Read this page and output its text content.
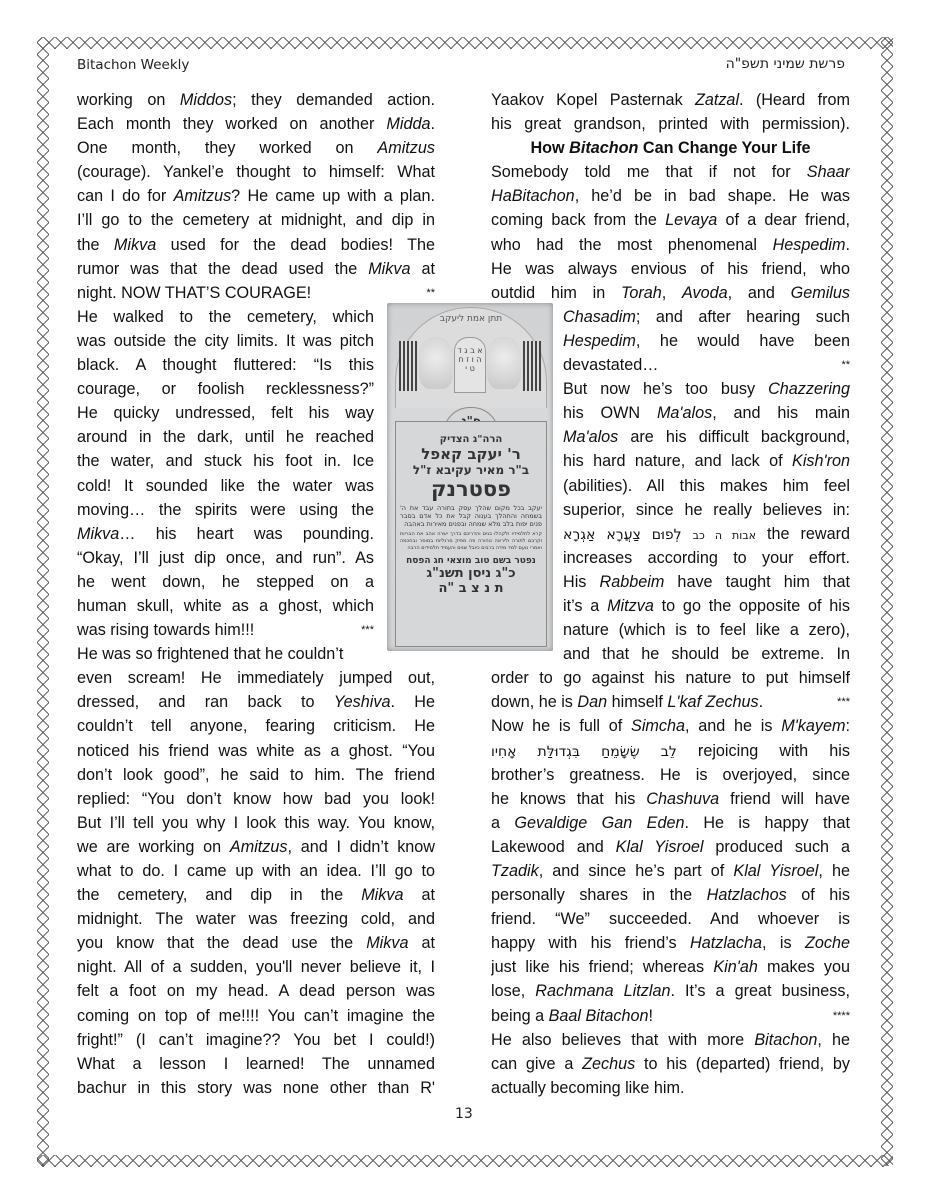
Bitachon Weekly	פרשת שמיני תשפ"ה
working on Middos; they demanded action.
Each month they worked on another Midda.
One month, they worked on Amitzus
(courage). Yankel’e thought to himself: What
can I do for Amitzus? He came up with a plan.
I’ll go to the cemetery at midnight, and dip in
the Mikva used for the dead bodies! The
rumor was that the dead used the Mikva at
night. NOW THAT’S COURAGE!	**
He walked to the cemetery, which
was outside the city limits. It was pitch
black. A thought fluttered: “Is this
courage, or foolish recklessness?”
He quicky undressed, felt his way
around in the dark, until he reached
the water, and stuck his foot in. Ice
cold! It sounded like the water was
moving… the spirits were using the
Mikva… his heart was pounding.
“Okay, I’ll just dip once, and run”. As
he went down, he stepped on a
human skull, white as a ghost, which
was rising towards him!!!	***
He was so frightened that he couldn’t
even scream! He immediately jumped out,
dressed, and ran back to Yeshiva. He
couldn’t tell anyone, fearing criticism. He
noticed his friend was white as a ghost. “You
don’t look good”, he said to him. The friend
replied: “You don’t know how bad you look!
But I’ll tell you why I look this way. You know,
we are working on Amitzus, and I didn’t know
what to do. I came up with an idea. I’ll go to
the cemetery, and dip in the Mikva at
midnight. The water was freezing cold, and
you know that the dead use the Mikva at
night. All of a sudden, you'll never believe it, I
felt a foot on my head. A dead person was
coming on top of me!!!! You can’t imagine the
fright!” (I can’t imagine?? You bet I could!)
What a lesson I learned! The unnamed
bachur in this story was none other than R'
תתן אמת ליעקב
א ב ג ד ה ו ז ח ט י
הרה"ג הצדיק
ר' יעקב קאפל
ב"ר מאיר עקיבא ז"ל
פסטרנק
יעקב בכל מקום שהלך עסק בתורה עבד את ה' בשמחה והתהלך בענוה קבל את כל אדם בסבר פנים יפות בלב מלא שמחה ובפנים מאירות באהבה
קרא לתלמידיו ולקהלו בנים והדריכם בדרך ישרה אהב את הבריות וקרבם לתורה וליראה טהורה פה מפיק מרגליות במוסר ובחכמה ואמרי נועם למד מידה ברבים כיובל שנים והעמיד תלמידים הרבה
נפטר בשם טוב מוצאי חג הפסח
כ"ג ניסן תשנ"ג
ת נ צ ב "ה
Yaakov Kopel Pasternak Zatzal. (Heard from
his great grandson, printed with permission).
How Bitachon Can Change Your Life
Somebody told me that if not for Shaar
HaBitachon, he’d be in bad shape. He was
coming back from the Levaya of a dear friend,
who had the most phenomenal Hespedim.
He was always envious of his friend, who
outdid him in Torah, Avoda, and Gemilus
Chasadim; and after hearing such
Hespedim, he would have been
devastated…	**
But now he’s too busy Chazzering
his OWN Ma'alos, and his main
Ma'alos are his difficult background,
his hard nature, and lack of Kish'ron
(abilities). All this makes him feel
superior, since he really believes in:
אבות ה כב לְפוּם צַעֲרָא אַגְרָא	the reward
increases according to your effort.
His Rabbeim have taught him that
it’s a Mitzva to go the opposite of his
nature (which is to feel like a zero),
and that he should be extreme. In
order to go against his nature to put himself
down, he is Dan himself L'kaf Zechus.	***
Now he is full of Simcha, and he is M'kayem:
לֵב שֶׂשָּׂמֵחַ בִּגְדוּלַּת אָחִיו rejoicing with his
brother’s greatness. He is overjoyed, since
he knows that his Chashuva friend will have
a Gevaldige Gan Eden. He is happy that
Lakewood and Klal Yisroel produced such a
Tzadik, and since he’s part of Klal Yisroel, he
personally shares in the Hatzlachos of his
friend. “We” succeeded. And whoever is
happy with his friend’s Hatzlacha, is Zoche
just like his friend; whereas Kin'ah makes you
lose, Rachmana Litzlan. It’s a great business,
being a Baal Bitachon!	****
He also believes that with more Bitachon, he
can give a Zechus to his (departed) friend, by
actually becoming like him.
13
